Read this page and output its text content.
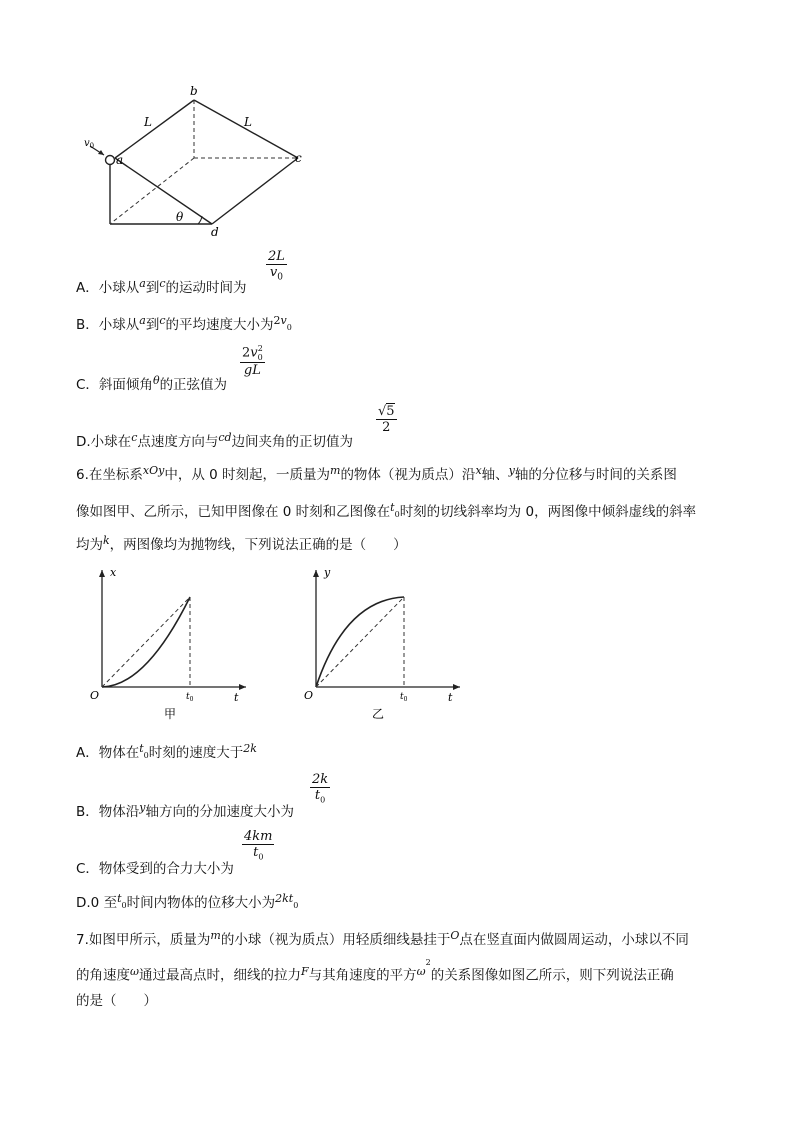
b
c
d
a
L	L
$v_0$
θ
A．小球从$^a$到$^c$的运动时间为
2L
$v_0$
B．小球从$^a$到$^c$的平均速度大小为$^{2v}_0$
C．斜面倾角$^\theta$的正弦值为
$2v_0^2$
gL
D.小球在$^c$点速度方向与$^{cd}$边间夹角的正切值为
√5
2
6.在坐标系$^{xOy}$中，从 0 时刻起，一质量为$^m$的物体（视为质点）沿$^x$轴、$^y$轴的分位移与时间的关系图
像如图甲、乙所示，已知甲图像在 0 时刻和乙图像在$^t_0$时刻的切线斜率均为 0，两图像中倾斜虚线的斜率
均为$^k$，两图像均为抛物线，下列说法正确的是（　　）
x
t
O	$t_0$
甲
y
t
O	$t_0$
乙
A．物体在$^t_0$时刻的速度大于$^{2k}$
B．物体沿$^y$轴方向的分加速度大小为
2k
$t_0$
C．物体受到的合力大小为
4km
$t_0$
D.0 至$^t_0$时间内物体的位移大小为$^{2kt}_0$
7.如图甲所示，质量为$^m$的小球（视为质点）用轻质细线悬挂于$^O$点在竖直面内做圆周运动，小球以不同
的角速度$^\omega$通过最高点时，细线的拉力$^F$与其角速度的平方$^{\omega 2}$的关系图像如图乙所示，则下列说法正确
的是（　　）
